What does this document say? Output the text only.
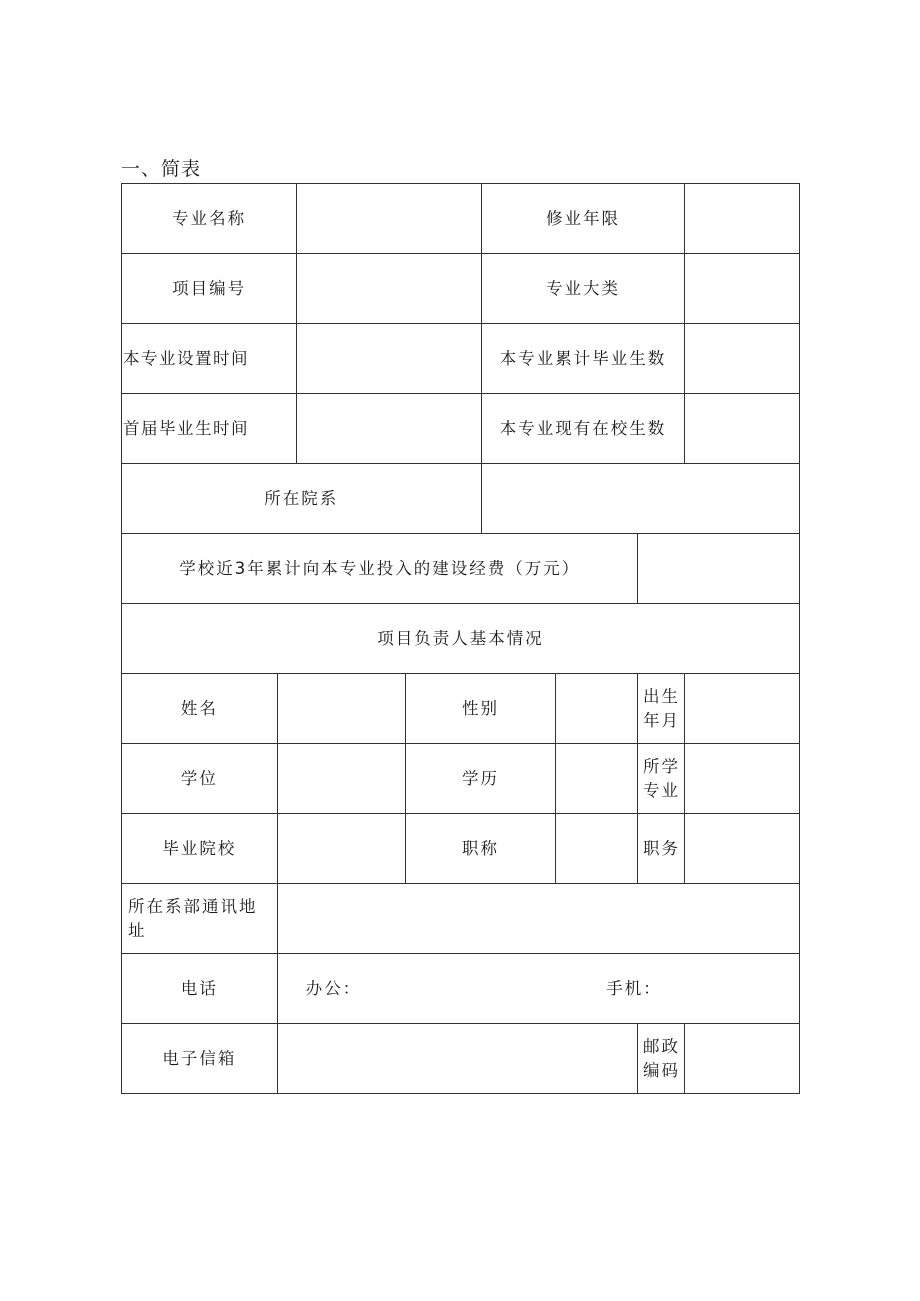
一、简表
专业名称				修业年限			
项目编号				专业大类			
本专业设置时间				本专业累计毕业生数			
首届毕业生时间				本专业现有在校生数			
所在院系							
学校近3年累计向本专业投入的建设经费（万元）							
项目负责人基本情况							
姓名			性别			出生年月	
学位			学历			所学专业	
毕业院校			职称			职务	
所在系部通讯地址							
电话	办公： 手机：						
电子信箱						邮政编码	
